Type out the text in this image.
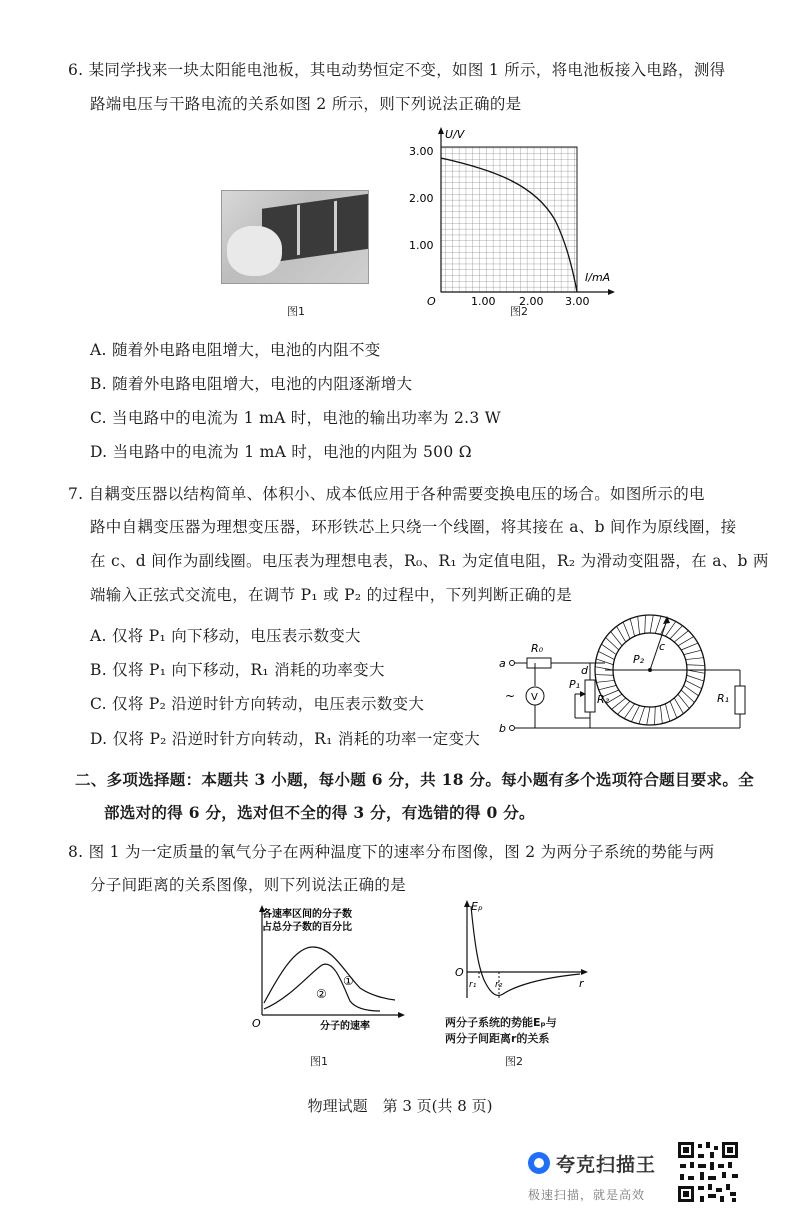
6. 某同学找来一块太阳能电池板，其电动势恒定不变，如图 1 所示，将电池板接入电路，测得
路端电压与干路电流的关系如图 2 所示，则下列说法正确的是
图1
U/V
I/mA
O
3.00
2.00
1.00
1.00 2.00 3.00
图2
A. 随着外电路电阻增大，电池的内阻不变
B. 随着外电路电阻增大，电池的内阻逐渐增大
C. 当电路中的电流为 1 mA 时，电池的输出功率为 2.3 W
D. 当电路中的电流为 1 mA 时，电池的内阻为 500 Ω
7. 自耦变压器以结构简单、体积小、成本低应用于各种需要变换电压的场合。如图所示的电
路中自耦变压器为理想变压器，环形铁芯上只绕一个线圈，将其接在 a、b 间作为原线圈，接
在 c、d 间作为副线圈。电压表为理想电表，R₀、R₁ 为定值电阻，R₂ 为滑动变阻器，在 a、b 两
端输入正弦式交流电，在调节 P₁ 或 P₂ 的过程中，下列判断正确的是
A. 仅将 P₁ 向下移动，电压表示数变大
B. 仅将 P₁ 向下移动，R₁ 消耗的功率变大
C. 仅将 P₂ 沿逆时针方向转动，电压表示数变大
D. 仅将 P₂ 沿逆时针方向转动，R₁ 消耗的功率一定变大
P₂
c
a
b
~
R₀
d
V
P₁
R₂	R₁
二、多项选择题：本题共 3 小题，每小题 6 分，共 18 分。每小题有多个选项符合题目要求。全
部选对的得 6 分，选对但不全的得 3 分，有选错的得 0 分。
8. 图 1 为一定质量的氧气分子在两种温度下的速率分布图像，图 2 为两分子系统的势能与两
分子间距离的关系图像，则下列说法正确的是
各速率区间的分子数
占总分子数的百分比
①
②
O	分子的速率
图1
Eₚ
O
r₁ r₂	r
两分子系统的势能Eₚ与
两分子间距离r的关系
图2
物理试题　第 3 页(共 8 页)
夸克扫描王
极速扫描，就是高效
